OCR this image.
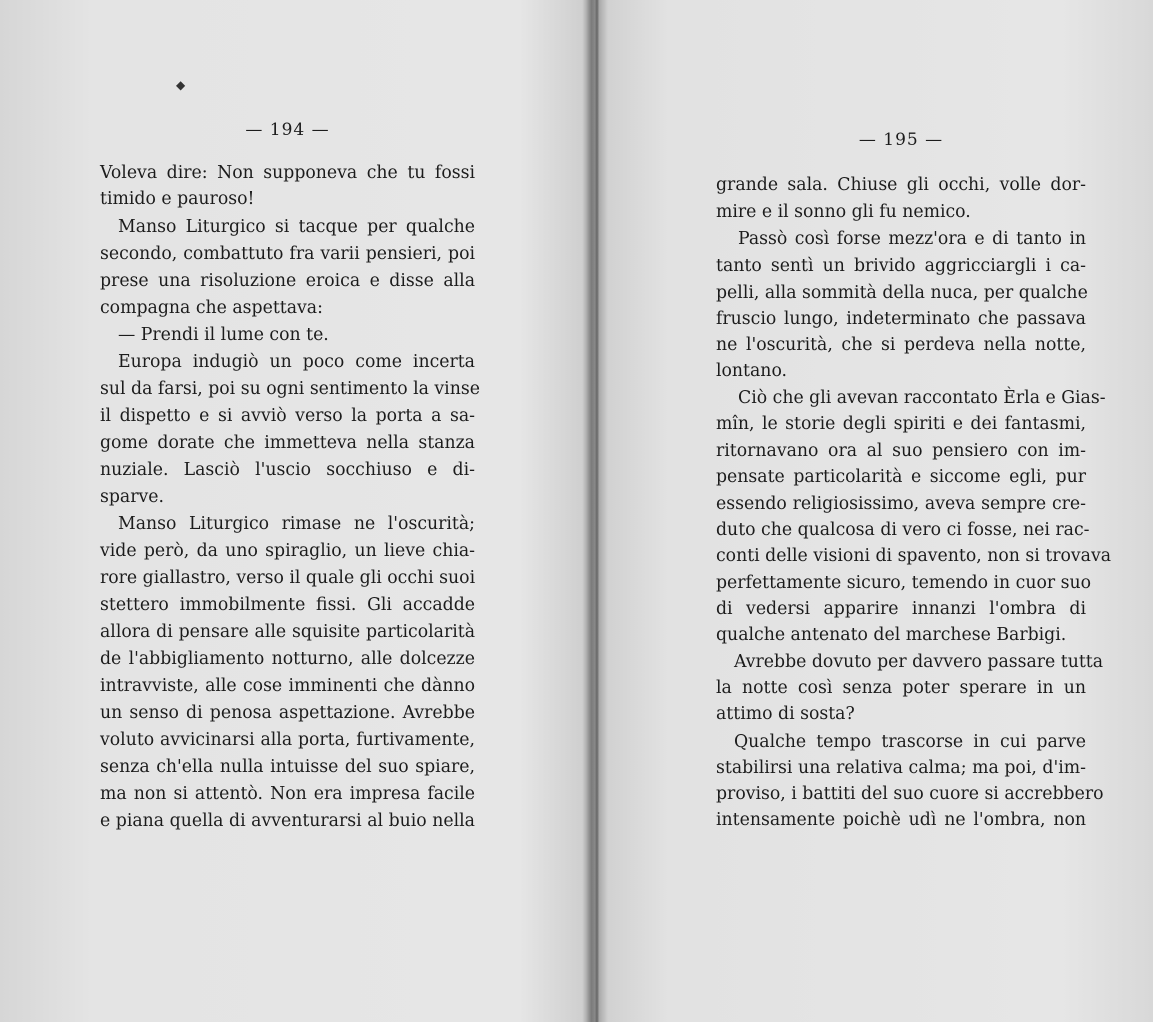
◆
— 194 —
Voleva dire: Non supponeva che tu fossi
timido e pauroso!
Manso Liturgico si tacque per qualche
secondo, combattuto fra varii pensieri, poi
prese una risoluzione eroica e disse alla
compagna che aspettava:
— Prendi il lume con te.
Europa indugiò un poco come incerta
sul da farsi, poi su ogni sentimento la vinse
il dispetto e si avviò verso la porta a sa-
gome dorate che immetteva nella stanza
nuziale. Lasciò l'uscio socchiuso e di-
sparve.
Manso Liturgico rimase ne l'oscurità;
vide però, da uno spiraglio, un lieve chia-
rore giallastro, verso il quale gli occhi suoi
stettero immobilmente fissi. Gli accadde
allora di pensare alle squisite particolarità
de l'abbigliamento notturno, alle dolcezze
intravviste, alle cose imminenti che dànno
un senso di penosa aspettazione. Avrebbe
voluto avvicinarsi alla porta, furtivamente,
senza ch'ella nulla intuisse del suo spiare,
ma non si attentò. Non era impresa facile
e piana quella di avventurarsi al buio nella
— 195 —
grande sala. Chiuse gli occhi, volle dor-
mire e il sonno gli fu nemico.
Passò così forse mezz'ora e di tanto in
tanto sentì un brivido aggricciargli i ca-
pelli, alla sommità della nuca, per qualche
fruscio lungo, indeterminato che passava
ne l'oscurità, che si perdeva nella notte,
lontano.
Ciò che gli avevan raccontato Èrla e Gias-
mîn, le storie degli spiriti e dei fantasmi,
ritornavano ora al suo pensiero con im-
pensate particolarità e siccome egli, pur
essendo religiosissimo, aveva sempre cre-
duto che qualcosa di vero ci fosse, nei rac-
conti delle visioni di spavento, non si trovava
perfettamente sicuro, temendo in cuor suo
di vedersi apparire innanzi l'ombra di
qualche antenato del marchese Barbigi.
Avrebbe dovuto per davvero passare tutta
la notte così senza poter sperare in un
attimo di sosta?
Qualche tempo trascorse in cui parve
stabilirsi una relativa calma; ma poi, d'im-
proviso, i battiti del suo cuore si accrebbero
intensamente poichè udì ne l'ombra, non
